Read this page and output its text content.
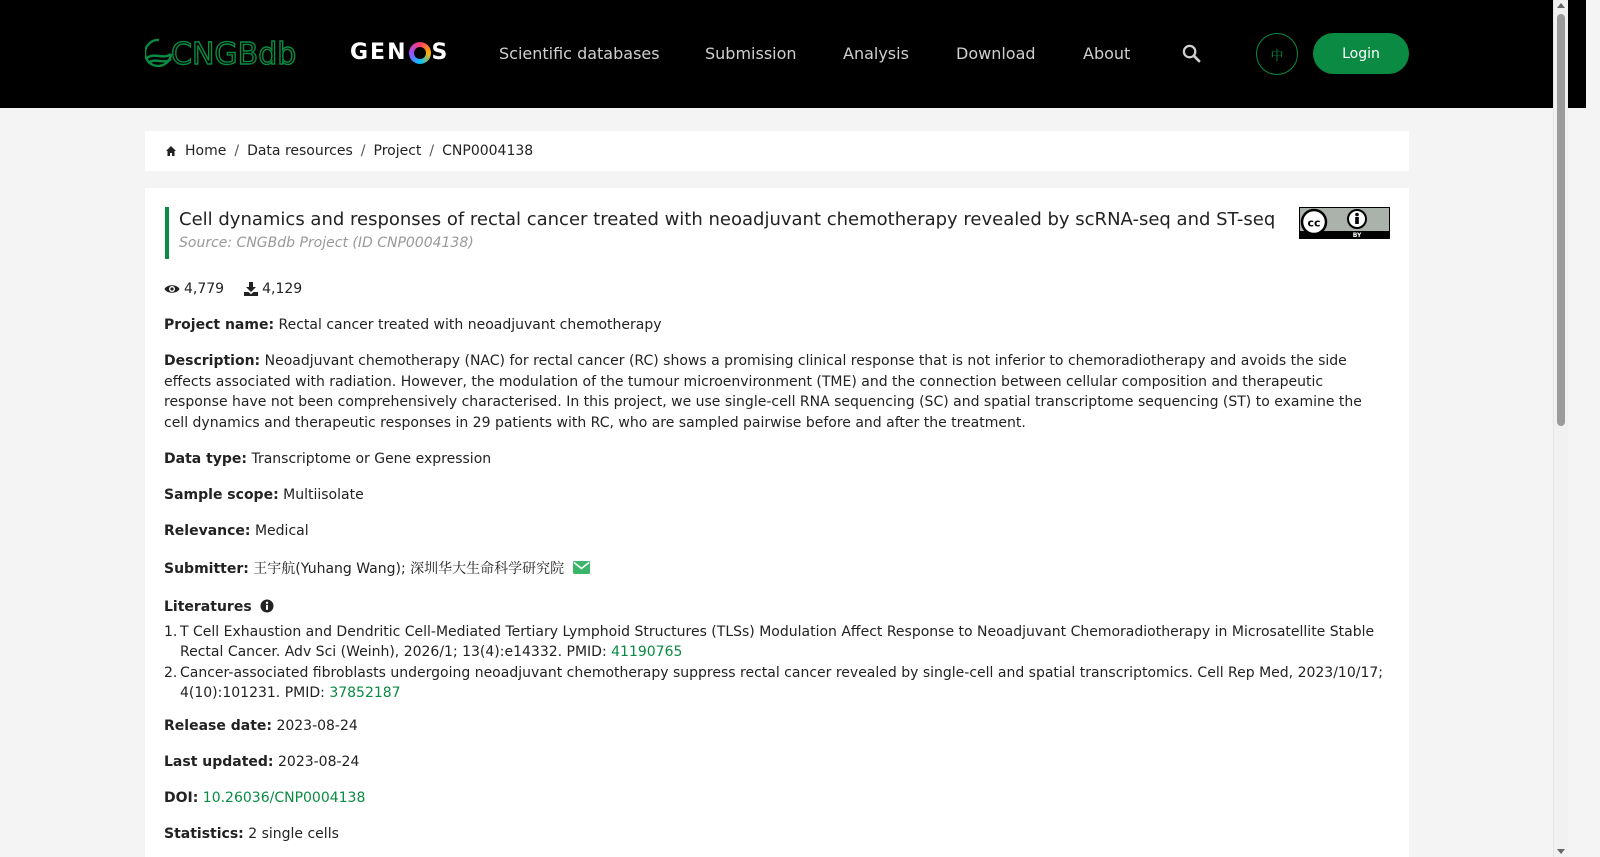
CNGBdb GEN S	Scientific databases	Submission	Analysis	Download	About	中	Login
Home / Data resources / Project / CNP0004138
Cell dynamics and responses of rectal cancer treated with neoadjuvant chemotherapy revealed by scRNA-seq and ST-seq
Source: CNGBdb Project (ID CNP0004138)
cc
BY
4,779	4,129
Project name: Rectal cancer treated with neoadjuvant chemotherapy
Description: Neoadjuvant chemotherapy (NAC) for rectal cancer (RC) shows a promising clinical response that is not inferior to chemoradiotherapy and avoids the side effects associated with radiation. However, the modulation of the tumour microenvironment (TME) and the connection between cellular composition and therapeutic response have not been comprehensively characterised. In this project, we use single-cell RNA sequencing (SC) and spatial transcriptome sequencing (ST) to examine the cell dynamics and therapeutic responses in 29 patients with RC, who are sampled pairwise before and after the treatment.
Data type: Transcriptome or Gene expression
Sample scope: Multiisolate
Relevance: Medical
Submitter: 王宇航(Yuhang Wang); 深圳华大生命科学研究院
Literatures
1. T Cell Exhaustion and Dendritic Cell-Mediated Tertiary Lymphoid Structures (TLSs) Modulation Affect Response to Neoadjuvant Chemoradiotherapy in Microsatellite Stable Rectal Cancer. Adv Sci (Weinh), 2026/1; 13(4):e14332. PMID: 41190765
2. Cancer-associated fibroblasts undergoing neoadjuvant chemotherapy suppress rectal cancer revealed by single-cell and spatial transcriptomics. Cell Rep Med, 2023/10/17; 4(10):101231. PMID: 37852187
Release date: 2023-08-24
Last updated: 2023-08-24
DOI: 10.26036/CNP0004138
Statistics: 2 single cells
